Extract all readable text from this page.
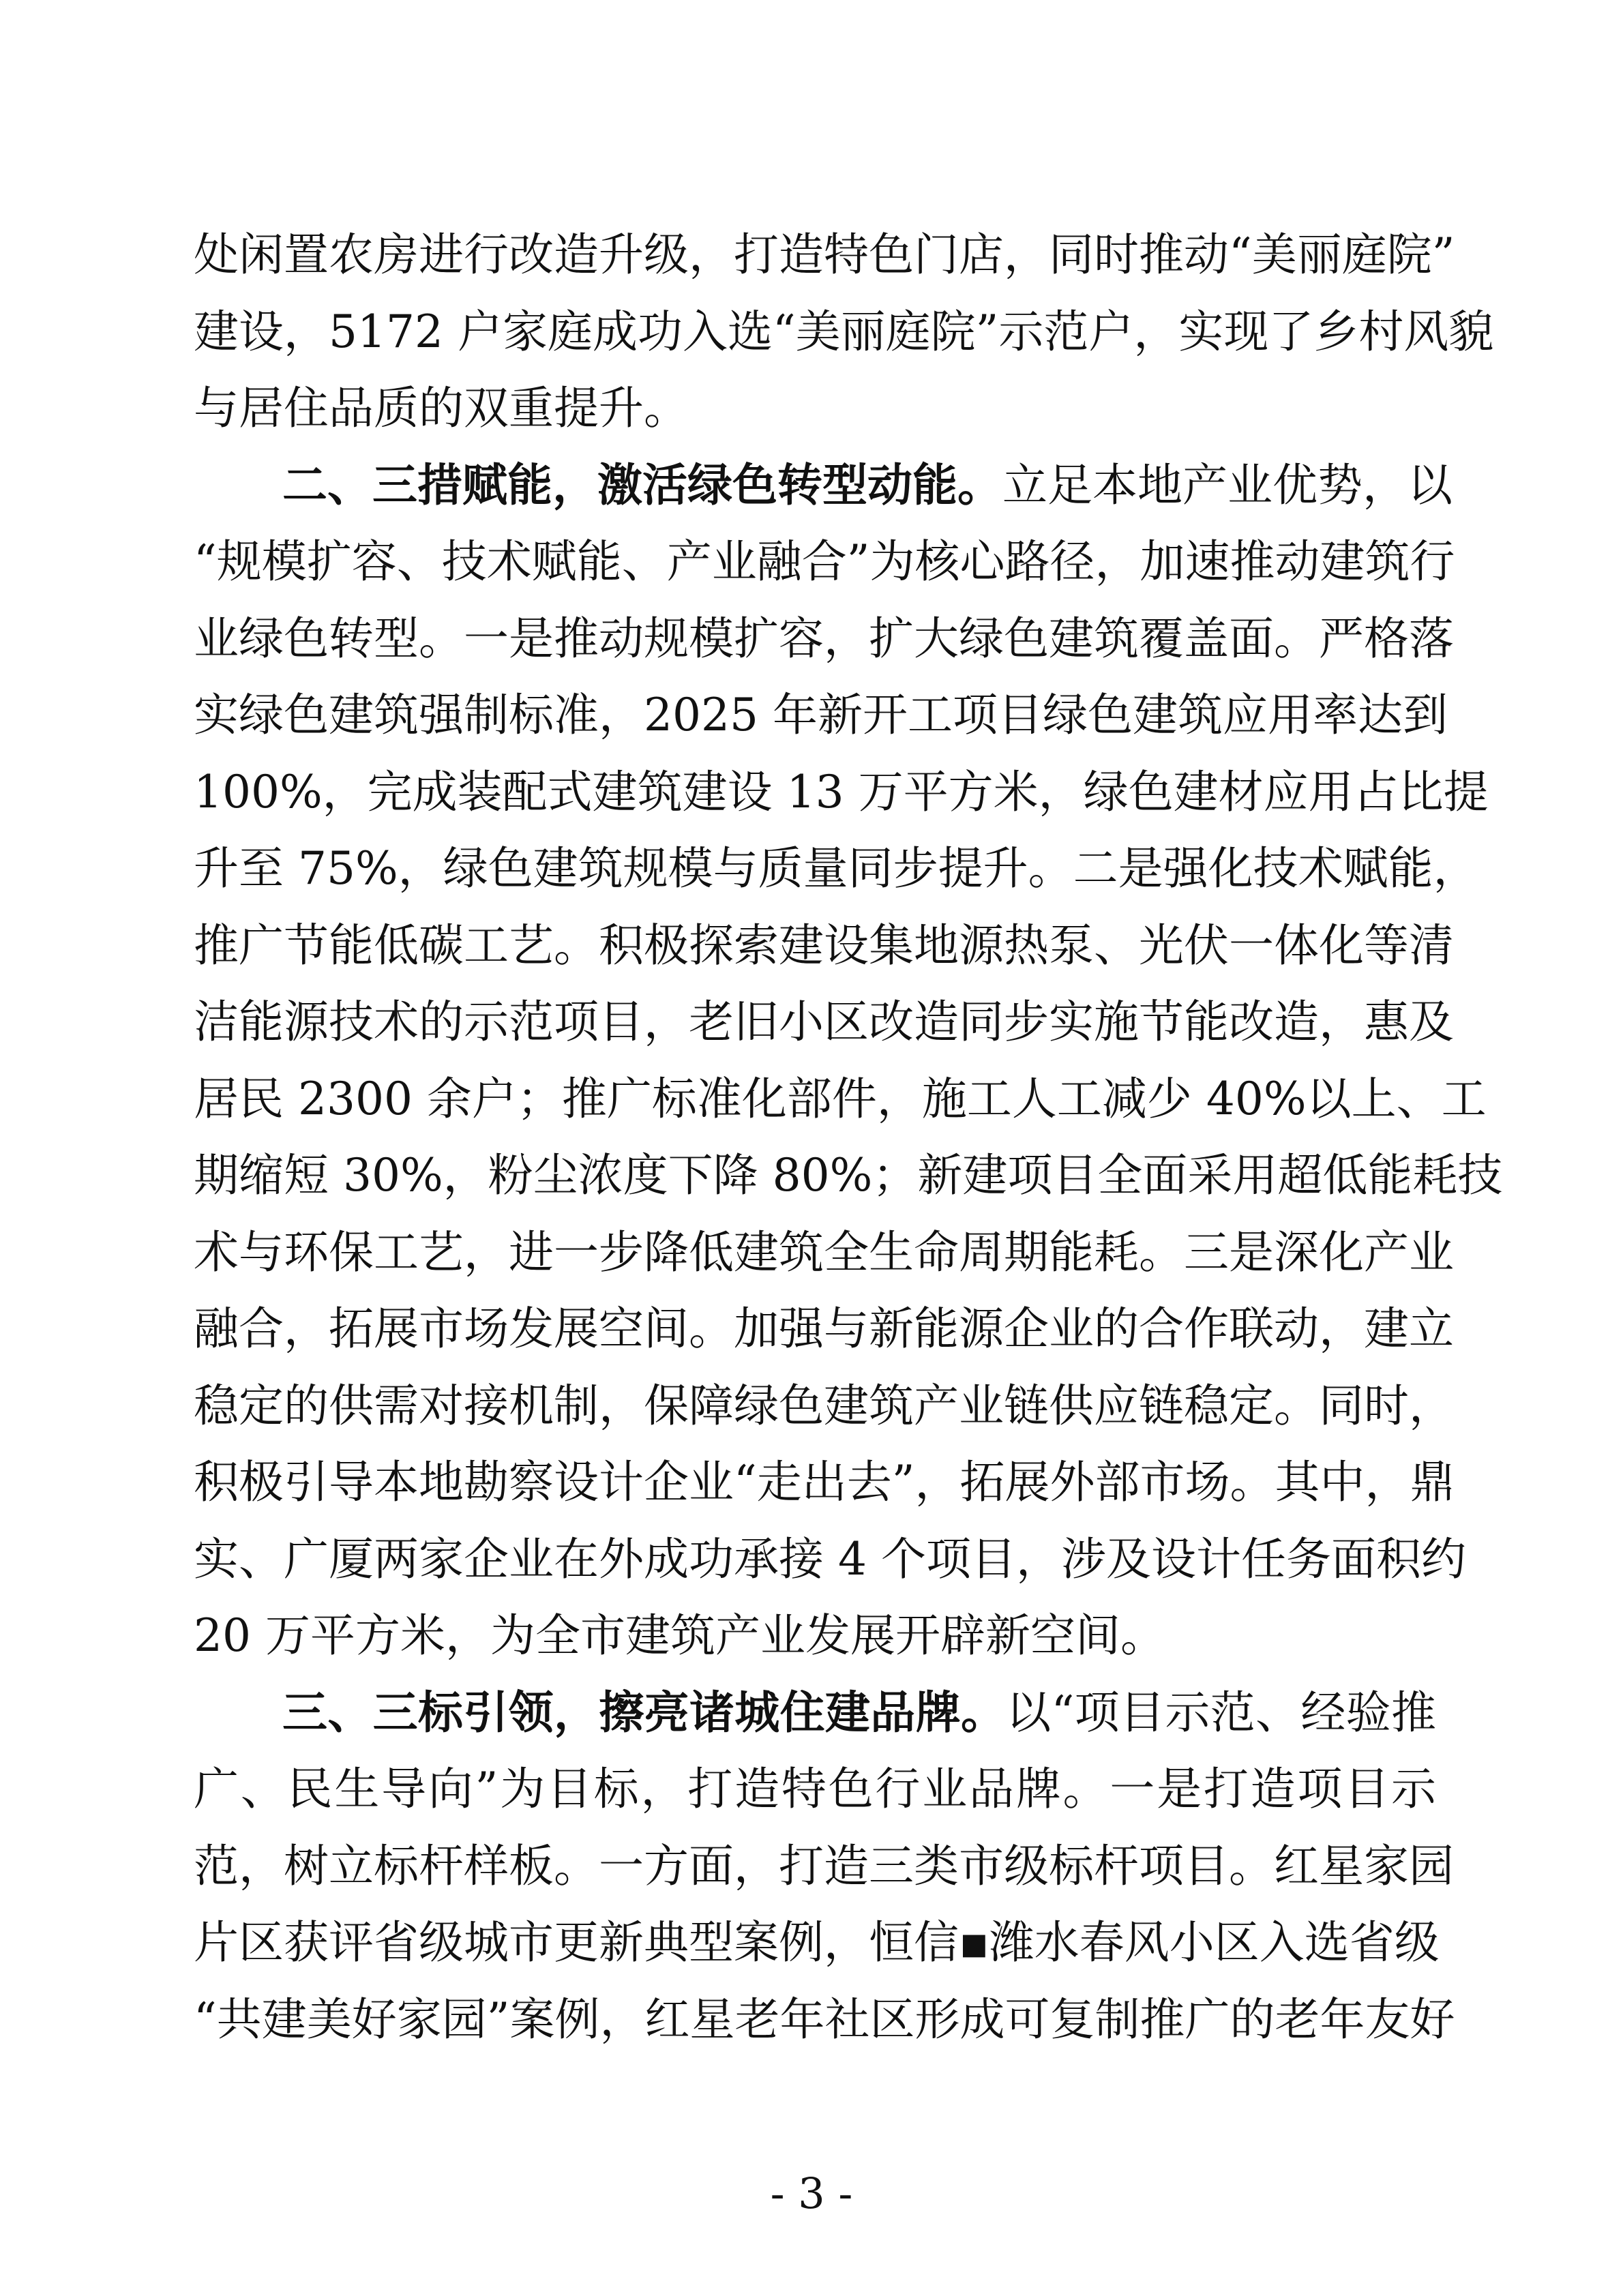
处闲置农房进行改造升级，打造特色门店，同时推动“美丽庭院”
建设，5172 户家庭成功入选“美丽庭院”示范户，实现了乡村风貌
与居住品质的双重提升。
二、三措赋能，激活绿色转型动能。立足本地产业优势，以
“规模扩容、技术赋能、产业融合”为核心路径，加速推动建筑行
业绿色转型。一是推动规模扩容，扩大绿色建筑覆盖面。严格落
实绿色建筑强制标准，2025 年新开工项目绿色建筑应用率达到
100%，完成装配式建筑建设 13 万平方米，绿色建材应用占比提
升至 75%，绿色建筑规模与质量同步提升。二是强化技术赋能，
推广节能低碳工艺。积极探索建设集地源热泵、光伏一体化等清
洁能源技术的示范项目，老旧小区改造同步实施节能改造，惠及
居民 2300 余户；推广标准化部件，施工人工减少 40%以上、工
期缩短 30%，粉尘浓度下降 80%；新建项目全面采用超低能耗技
术与环保工艺，进一步降低建筑全生命周期能耗。三是深化产业
融合，拓展市场发展空间。加强与新能源企业的合作联动，建立
稳定的供需对接机制，保障绿色建筑产业链供应链稳定。同时，
积极引导本地勘察设计企业“走出去”，拓展外部市场。其中，鼎
实、广厦两家企业在外成功承接 4 个项目，涉及设计任务面积约
20 万平方米，为全市建筑产业发展开辟新空间。
三、三标引领，擦亮诸城住建品牌。以“项目示范、经验推
广、民生导向”为目标，打造特色行业品牌。一是打造项目示
范，树立标杆样板。一方面，打造三类市级标杆项目。红星家园
片区获评省级城市更新典型案例，恒信▪潍水春风小区入选省级
“共建美好家园”案例，红星老年社区形成可复制推广的老年友好
- 3 -
